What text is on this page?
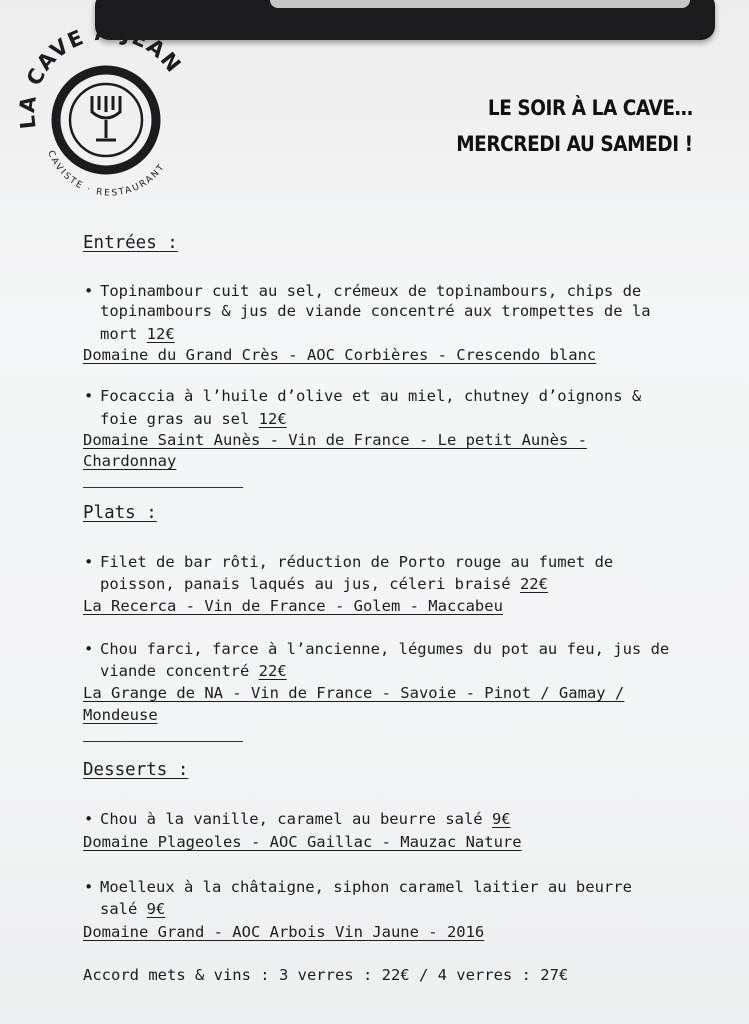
LA CAVE A JEAN
CAVISTE · RESTAURANT
LE SOIR À LA CAVE…
MERCREDI AU SAMEDI !
Entrées :
• Topinambour cuit au sel, crémeux de topinambours, chips de
topinambours & jus de viande concentré aux trompettes de la
mort 12€
Domaine du Grand Crès - AOC Corbières - Crescendo blanc
• Focaccia à l’huile d’olive et au miel, chutney d’oignons &
foie gras au sel 12€
Domaine Saint Aunès - Vin de France - Le petit Aunès -
Chardonnay
Plats :
• Filet de bar rôti, réduction de Porto rouge au fumet de
poisson, panais laqués au jus, céleri braisé 22€
La Recerca - Vin de France - Golem - Maccabeu
• Chou farci, farce à l’ancienne, légumes du pot au feu, jus de
viande concentré 22€
La Grange de NA - Vin de France - Savoie - Pinot / Gamay /
Mondeuse
Desserts :
• Chou à la vanille, caramel au beurre salé 9€
Domaine Plageoles - AOC Gaillac - Mauzac Nature
• Moelleux à la châtaigne, siphon caramel laitier au beurre
salé 9€
Domaine Grand - AOC Arbois Vin Jaune - 2016
Accord mets & vins : 3 verres : 22€ / 4 verres : 27€
